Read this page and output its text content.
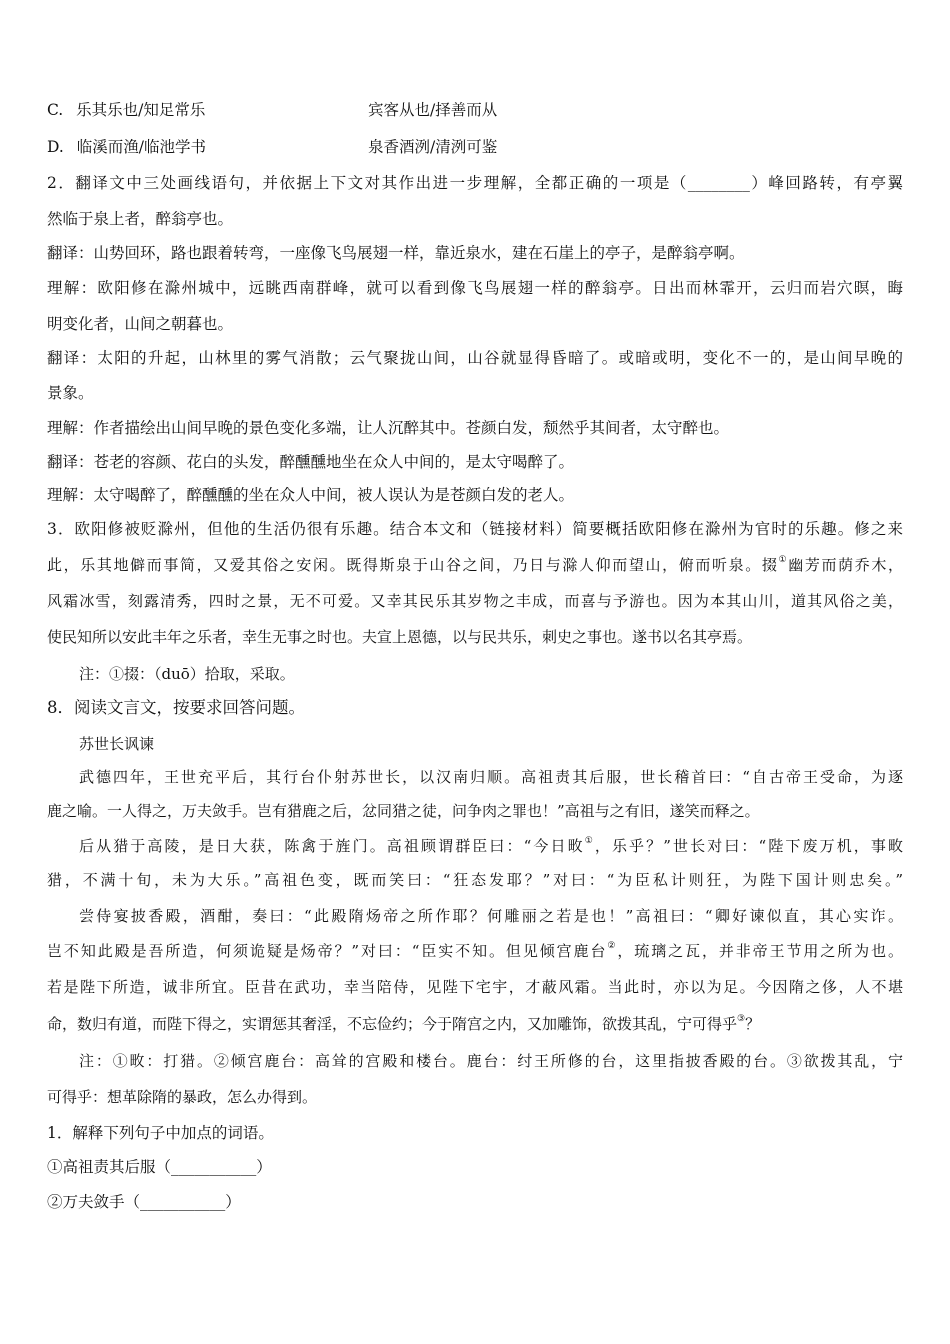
C. 乐其乐也/知足常乐	宾客从也/择善而从
D. 临溪而渔/临池学书	泉香酒洌/清洌可鉴
2．翻译文中三处画线语句，并依据上下文对其作出进一步理解，全都正确的一项是（________）峰回路转，有亭翼
然临于泉上者，醉翁亭也。
翻译：山势回环，路也跟着转弯，一座像飞鸟展翅一样，靠近泉水，建在石崖上的亭子，是醉翁亭啊。
理解：欧阳修在滁州城中，远眺西南群峰，就可以看到像飞鸟展翅一样的醉翁亭。日出而林霏开，云归而岩穴暝，晦
明变化者，山间之朝暮也。
翻译：太阳的升起，山林里的雾气消散；云气聚拢山间，山谷就显得昏暗了。或暗或明，变化不一的，是山间早晚的
景象。
理解：作者描绘出山间早晚的景色变化多端，让人沉醉其中。苍颜白发，颓然乎其间者，太守醉也。
翻译：苍老的容颜、花白的头发，醉醺醺地坐在众人中间的，是太守喝醉了。
理解：太守喝醉了，醉醺醺的坐在众人中间，被人误认为是苍颜白发的老人。
3．欧阳修被贬滁州，但他的生活仍很有乐趣。结合本文和（链接材料）简要概括欧阳修在滁州为官时的乐趣。修之来
此，乐其地僻而事简，又爱其俗之安闲。既得斯泉于山谷之间，乃日与滁人仰而望山，俯而听泉。掇①幽芳而荫乔木，
风霜冰雪，刻露清秀，四时之景，无不可爱。又幸其民乐其岁物之丰成，而喜与予游也。因为本其山川，道其风俗之美，
使民知所以安此丰年之乐者，幸生无事之时也。夫宣上恩德，以与民共乐，刺史之事也。遂书以名其亭焉。
注：①掇：（duō）拾取，采取。
8．阅读文言文，按要求回答问题。
苏世长讽谏
武德四年，王世充平后，其行台仆射苏世长，以汉南归顺。高祖责其后服，世长稽首曰：“自古帝王受命，为逐
鹿之喻。一人得之，万夫敛手。岂有猎鹿之后，忿同猎之徒，问争肉之罪也！”高祖与之有旧，遂笑而释之。
后从猎于高陵，是日大获，陈禽于旌门。高祖顾谓群臣曰：“今日畋①，乐乎？”世长对曰：“陛下废万机，事畋
猎，不满十旬，未为大乐。”高祖色变，既而笑曰：“狂态发耶？”对曰：“为臣私计则狂，为陛下国计则忠矣。”
尝侍宴披香殿，酒酣，奏曰：“此殿隋炀帝之所作耶？何雕丽之若是也！”高祖曰：“卿好谏似直，其心实诈。
岂不知此殿是吾所造，何须诡疑是炀帝？”对曰：“臣实不知。但见倾宫鹿台②，琉璃之瓦，并非帝王节用之所为也。
若是陛下所造，诚非所宜。臣昔在武功，幸当陪侍，见陛下宅宇，才蔽风霜。当此时，亦以为足。今因隋之侈，人不堪
命，数归有道，而陛下得之，实谓惩其奢淫，不忘俭约；今于隋宫之内，又加雕饰，欲拨其乱，宁可得乎③？
注：①畋：打猎。②倾宫鹿台：高耸的宫殿和楼台。鹿台：纣王所修的台，这里指披香殿的台。③欲拨其乱，宁
可得乎：想革除隋的暴政，怎么办得到。
1．解释下列句子中加点的词语。
①高祖责其后服（___________）
②万夫敛手（___________）
